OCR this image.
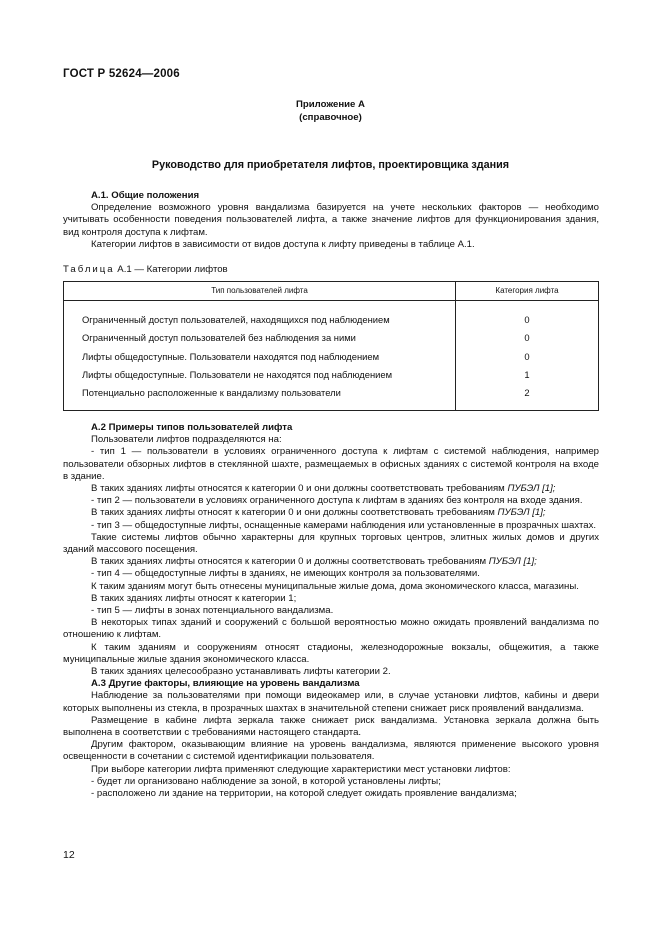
ГОСТ Р 52624—2006
Приложение А
(справочное)
Руководство для приобретателя лифтов, проектировщика здания

А.1. Общие положения

Определение возможного уровня вандализма базируется на учете нескольких факторов — необходимо учитывать особенности поведения пользователей лифта, а также значение лифтов для функционирования здания, вид контроля доступа к лифтам.

Категории лифтов в зависимости от видов доступа к лифту приведены в таблице А.1.

Таблица А.1 — Категории лифтов
Тип пользователей лифта	Категория лифта
Ограниченный доступ пользователей, находящихся под наблюдением	0
Ограниченный доступ пользователей без наблюдения за ними	0
Лифты общедоступные. Пользователи находятся под наблюдением	0
Лифты общедоступные. Пользователи не находятся под наблюдением	1
Потенциально расположенные к вандализму пользователи	2

А.2 Примеры типов пользователей лифта

Пользователи лифтов подразделяются на:

- тип 1 — пользователи в условиях ограниченного доступа к лифтам с системой наблюдения, например пользователи обзорных лифтов в стеклянной шахте, размещаемых в офисных зданиях с системой контроля на входе в здание.

В таких зданиях лифты относятся к категории 0 и они должны соответствовать требованиям ПУБЭЛ [1];

- тип 2 — пользователи в условиях ограниченного доступа к лифтам в зданиях без контроля на входе здания.

В таких зданиях лифты относят к категории 0 и они должны соответствовать требованиям ПУБЭЛ [1];

- тип 3 — общедоступные лифты, оснащенные камерами наблюдения или установленные в прозрачных шахтах.

Такие системы лифтов обычно характерны для крупных торговых центров, элитных жилых домов и других зданий массового посещения.

В таких зданиях лифты относятся к категории 0 и должны соответствовать требованиям ПУБЭЛ [1];

- тип 4 — общедоступные лифты в зданиях, не имеющих контроля за пользователями.

К таким зданиям могут быть отнесены муниципальные жилые дома, дома экономического класса, магазины.

В таких зданиях лифты относят к категории 1;

- тип 5 — лифты в зонах потенциального вандализма.

В некоторых типах зданий и сооружений с большой вероятностью можно ожидать проявлений вандализма по отношению к лифтам.

К таким зданиям и сооружениям относят стадионы, железнодорожные вокзалы, общежития, а также муниципальные жилые здания экономического класса.

В таких зданиях целесообразно устанавливать лифты категории 2.

А.3 Другие факторы, влияющие на уровень вандализма

Наблюдение за пользователями при помощи видеокамер или, в случае установки лифтов, кабины и двери которых выполнены из стекла, в прозрачных шахтах в значительной степени снижает риск проявлений вандализма.

Размещение в кабине лифта зеркала также снижает риск вандализма. Установка зеркала должна быть выполнена в соответствии с требованиями настоящего стандарта.

Другим фактором, оказывающим влияние на уровень вандализма, являются применение высокого уровня освещенности в сочетании с системой идентификации пользователя.

При выборе категории лифта применяют следующие характеристики мест установки лифтов:

- будет ли организовано наблюдение за зоной, в которой установлены лифты;

- расположено ли здание на территории, на которой следует ожидать проявление вандализма;

12
